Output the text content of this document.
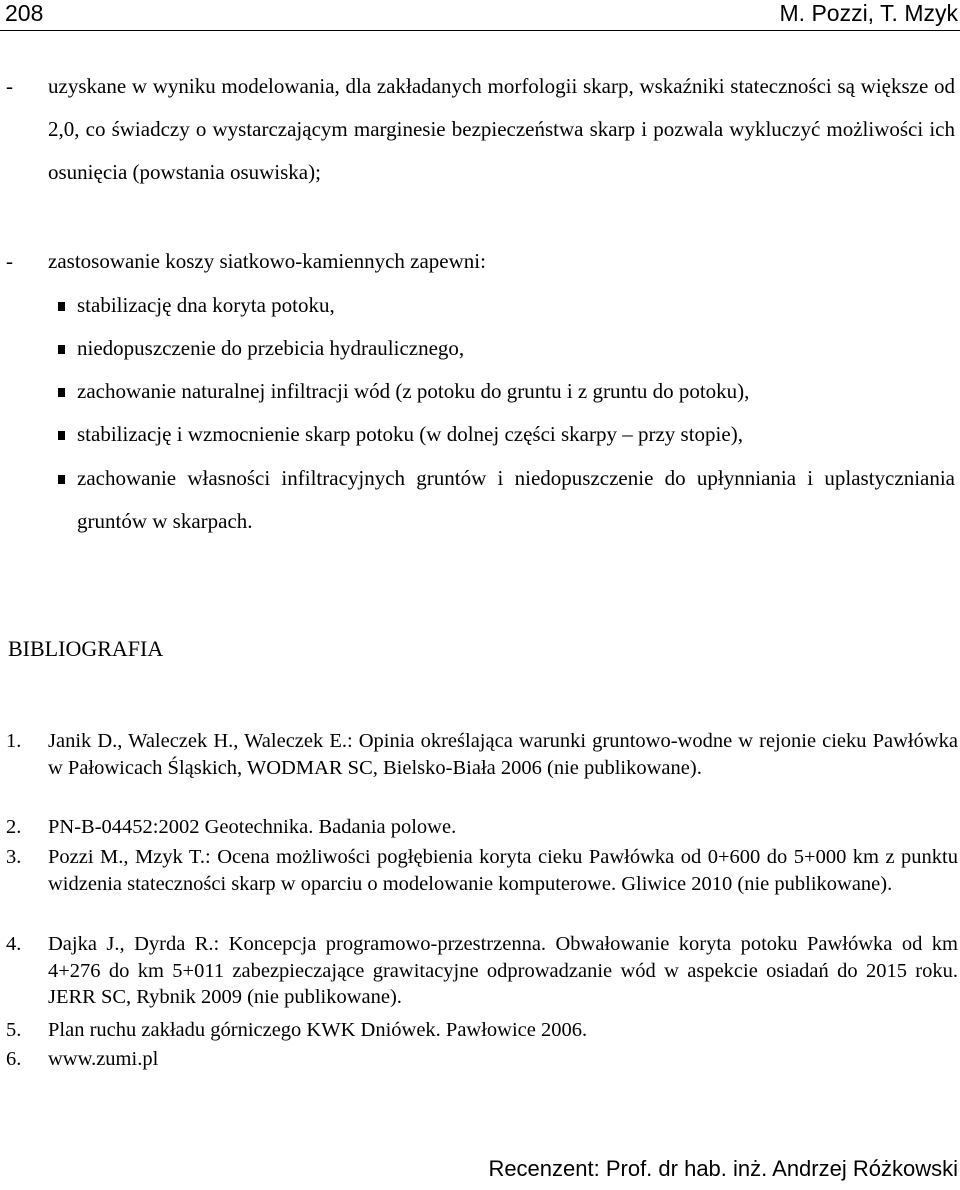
208	M. Pozzi, T. Mzyk
- uzyskane w wyniku modelowania, dla zakładanych morfologii skarp, wskaźniki stateczności są większe od 2,0, co świadczy o wystarczającym marginesie bezpieczeństwa skarp i pozwala wykluczyć możliwości ich osunięcia (powstania osuwiska);
- zastosowanie koszy siatkowo-kamiennych zapewni:
stabilizację dna koryta potoku,
niedopuszczenie do przebicia hydraulicznego,
zachowanie naturalnej infiltracji wód (z potoku do gruntu i z gruntu do potoku),
stabilizację i wzmocnienie skarp potoku (w dolnej części skarpy – przy stopie),
zachowanie własności infiltracyjnych gruntów i niedopuszczenie do upłynniania i uplastyczniania gruntów w skarpach.
BIBLIOGRAFIA
1. Janik D., Waleczek H., Waleczek E.: Opinia określająca warunki gruntowo-wodne w rejonie cieku Pawłówka w Pałowicach Śląskich, WODMAR SC, Bielsko-Biała 2006 (nie publikowane).
2. PN-B-04452:2002 Geotechnika. Badania polowe.
3. Pozzi M., Mzyk T.: Ocena możliwości pogłębienia koryta cieku Pawłówka od 0+600 do 5+000 km z punktu widzenia stateczności skarp w oparciu o modelowanie komputerowe. Gliwice 2010 (nie publikowane).
4. Dajka J., Dyrda R.: Koncepcja programowo-przestrzenna. Obwałowanie koryta potoku Pawłówka od km 4+276 do km 5+011 zabezpieczające grawitacyjne odprowadzanie wód w aspekcie osiadań do 2015 roku. JERR SC, Rybnik 2009 (nie publikowane).
5. Plan ruchu zakładu górniczego KWK Dniówek. Pawłowice 2006.
6. www.zumi.pl
Recenzent: Prof. dr hab. inż. Andrzej Różkowski
